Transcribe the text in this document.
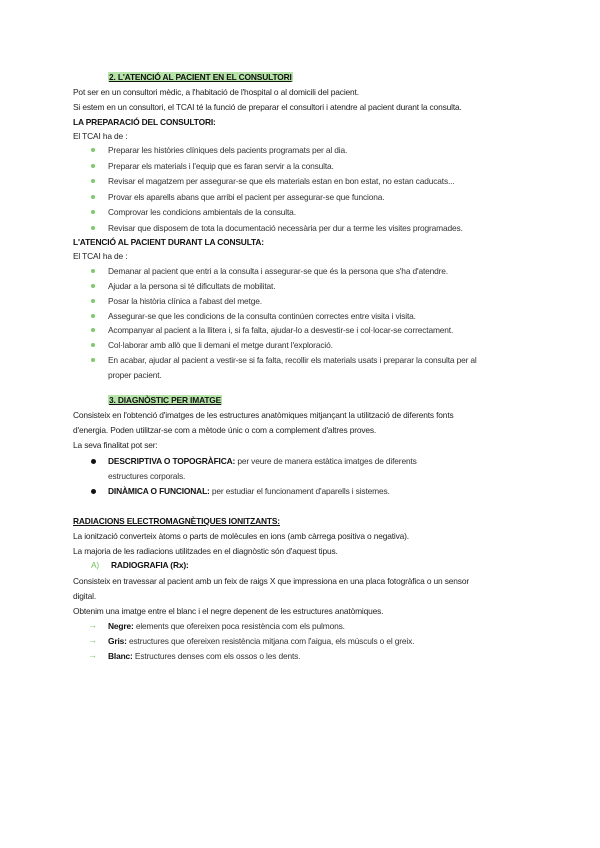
2. L'ATENCIÓ AL PACIENT EN EL CONSULTORI
Pot ser en un consultori mèdic, a l'habitació de l'hospital o al domicili del pacient.
Si estem en un consultori, el TCAI té la funció de preparar el consultori i atendre al pacient durant la consulta.
LA PREPARACIÓ DEL CONSULTORI:
El TCAI ha de :
Preparar les històries clíniques dels pacients programats per al dia.
Preparar els materials i l'equip que es faran servir a la consulta.
Revisar el magatzem per assegurar-se que els materials estan en bon estat, no estan caducats...
Provar els aparells abans que arribi el pacient per assegurar-se que funciona.
Comprovar les condicions ambientals de la consulta.
Revisar que disposem de tota la documentació necessària per dur a terme les visites programades.
L'ATENCIÓ AL PACIENT DURANT LA CONSULTA:
El TCAI ha de :
Demanar al pacient que entri a la consulta i assegurar-se que és la persona que s'ha d'atendre.
Ajudar a la persona si té dificultats de mobilitat.
Posar la història clínica a l'abast del metge.
Assegurar-se que les condicions de la consulta continúen correctes entre visita i visita.
Acompanyar al pacient a la llitera i, si fa falta, ajudar-lo a desvestir-se i col·locar-se correctament.
Col·laborar amb allò que li demani el metge durant l'exploració.
En acabar, ajudar al pacient a vestir-se si fa falta, recollir els materials usats i preparar la consulta per al
proper pacient.
3. DIAGNÒSTIC PER IMATGE
Consisteix en l'obtenció d'imatges de les estructures anatòmiques mitjançant la utilització de diferents fonts
d'energia. Poden utilitzar-se com a mètode únic o com a complement d'altres proves.
La seva finalitat pot ser:
DESCRIPTIVA O TOPOGRÀFICA: per veure de manera estàtica imatges de diferents
estructures corporals.
DINÀMICA O FUNCIONAL: per estudiar el funcionament d'aparells i sistemes.
RADIACIONS ELECTROMAGNÈTIQUES IONITZANTS:
La ionització converteix àtoms o parts de molècules en ions (amb càrrega positiva o negativa).
La majoria de les radiacions utilitzades en el diagnòstic són d'aquest tipus.
A) RADIOGRAFIA (Rx):
Consisteix en travessar al pacient amb un feix de raigs X que impressiona en una placa fotogràfica o un sensor
digital.
Obtenim una imatge entre el blanc i el negre depenent de les estructures anatòmiques.
→ Negre: elements que ofereixen poca resistència com els pulmons.
→ Gris: estructures que ofereixen resistència mitjana com l'aigua, els músculs o el greix.
→ Blanc: Estructures denses com els ossos o les dents.
